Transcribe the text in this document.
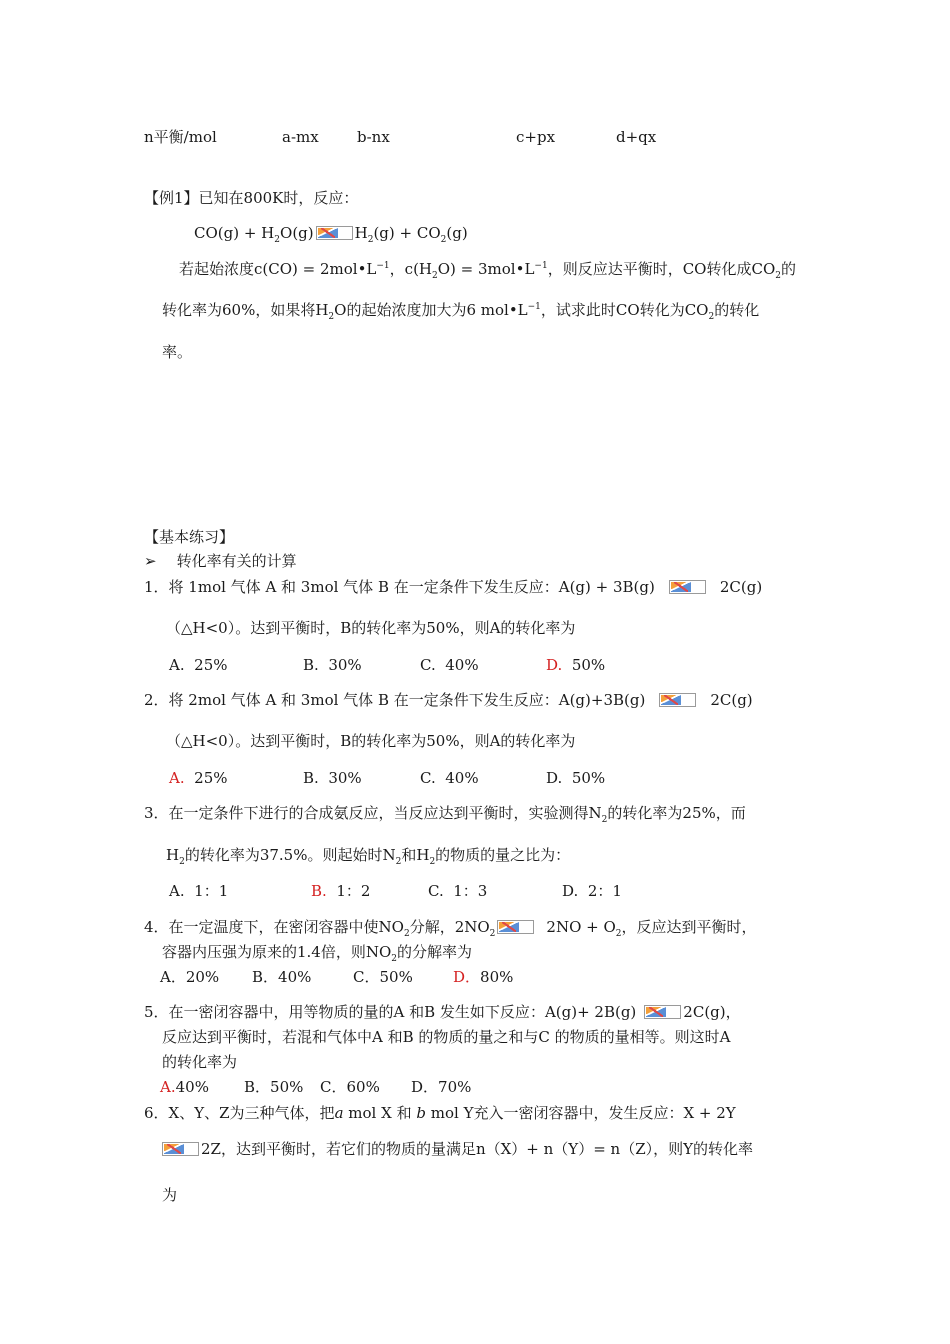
n平衡/mol	a-mx	b-nx	c+px	d+qx
【例1】已知在800K时，反应：
$CO(g) + H_2O(g)$	$H_2(g) + CO_2(g)$
若起始浓度$c(CO) = 2mol•L^{-1}$，$c(H_2O)$ = $3mol•L^{-1}$，则反应达平衡时，CO转化成$CO_2$的
转化率为60%，如果将$H_2O$的起始浓度加大为6 $mol•L^{-1}$，试求此时CO转化为$CO_2$的转化
率。
【基本练习】
➢ 转化率有关的计算
1．将 1mol 气体 A 和 3mol 气体 B 在一定条件下发生反应：A(g) + 3B(g)	2C(g)
（△H<0）。达到平衡时，B的转化率为50%，则A的转化率为
A. 25%	B. 30%	C. 40%	D. 50%
2．将 2mol 气体 A 和 3mol 气体 B 在一定条件下发生反应：A(g)+3B(g)	2C(g)
（△H<0）。达到平衡时，B的转化率为50%，则A的转化率为
A. 25%	B. 30%	C. 40%	D. 50%
3．在一定条件下进行的合成氨反应，当反应达到平衡时，实验测得$N_2$的转化率为25%，而
$H_2$的转化率为37.5%。则起始时$N_2$和$H_2$的物质的量之比为：
A. 1：1	B. 1：2	C. 1：3	D. 2：1
4．在一定温度下，在密闭容器中使$NO_2$分解，$2NO_2$	$2NO + O_2$，反应达到平衡时，
容器内压强为原来的1.4倍，则$NO_2$的分解率为
A．20% B．40%	C．50%	D．80%
5．在一密闭容器中，用等物质的量的A 和B 发生如下反应：A(g)+ 2B(g)	2C(g)，
反应达到平衡时，若混和气体中A 和B 的物质的量之和与C 的物质的量相等。则这时A
的转化率为
A.40% B．50% C．60% D．70%
6．X、Y、Z为三种气体，把a mol X 和 b mol Y充入一密闭容器中，发生反应：X + 2Y
2Z，达到平衡时，若它们的物质的量满足n（X）+ n（Y）= n（Z），则Y的转化率
为
